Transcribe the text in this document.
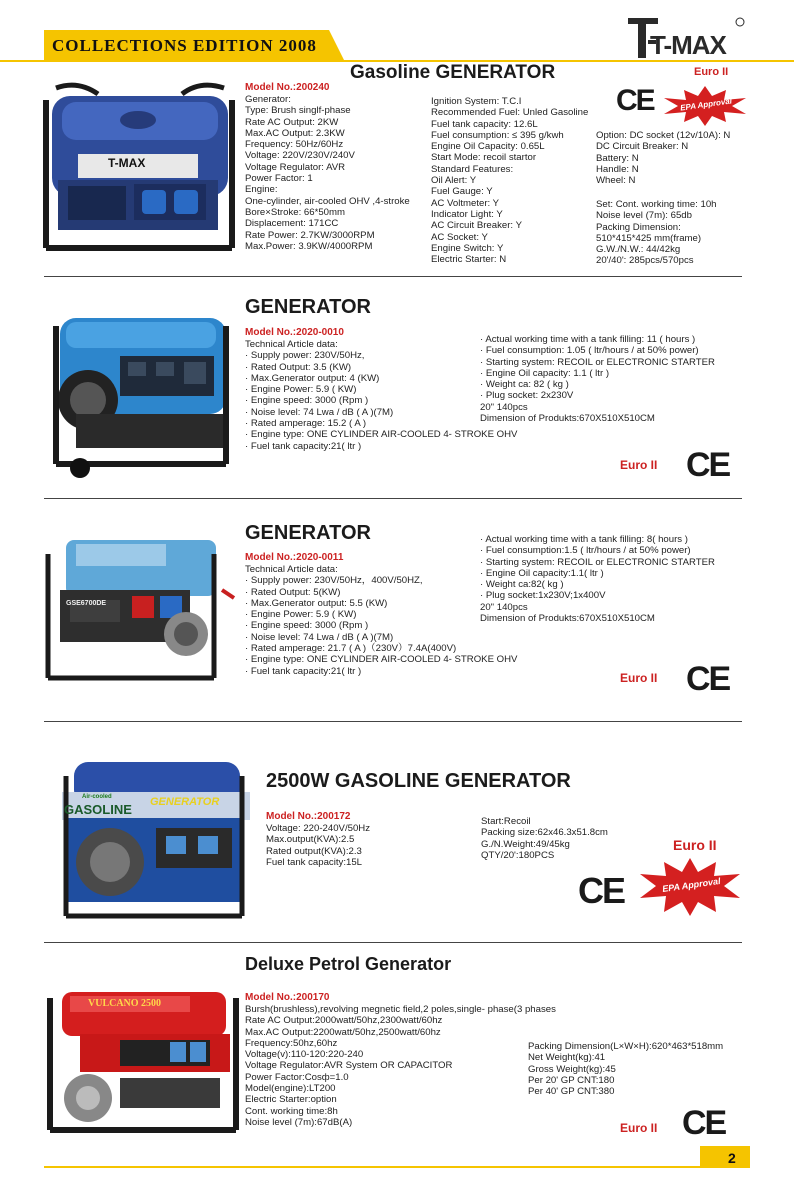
COLLECTIONS EDITION 2008	T-MAX
Euro II
T-MAX
Gasoline GENERATOR
Model No.:200240
Generator:
Type: Brush singlf-phase
Rate AC Output: 2KW
Max.AC Output: 2.3KW
Frequency: 50Hz/60Hz
Voltage: 220V/230V/240V
Voltage Regulator: AVR
Power Factor: 1
Engine:
One-cylinder, air-cooled OHV ,4-stroke
Bore×Stroke: 66*50mm
Displacement: 171CC
Rate Power: 2.7KW/3000RPM
Max.Power: 3.9KW/4000RPM
Ignition System: T.C.I
Recommended Fuel: Unled Gasoline
Fuel tank capacity: 12.6L
Fuel consumption: ≤ 395 g/kwh
Engine Oil Capacity: 0.65L
Start Mode: recoil startor
Standard Features:
Oil Alert: Y
Fuel Gauge: Y
AC Voltmeter: Y
Indicator Light: Y
AC Circuit Breaker: Y
AC Socket: Y
Engine Switch: Y
Electric Starter: N
Option: DC socket (12v/10A): N
DC Circuit Breaker: N
Battery: N
Handle: N
Wheel: N
Set: Cont. working time: 10h
Noise level (7m): 65db
Packing Dimension:
510*415*425 mm(frame)
G.W./N.W.: 44/42kg
20'/40': 285pcs/570pcs
CE	EPA Approval
GENERATOR
Model No.:2020-0010
Technical Article data:
· Supply power: 230V/50Hz,
· Rated Output: 3.5 (KW)
· Max.Generator output: 4 (KW)
· Engine Power: 5.9 ( KW)
· Engine speed: 3000 (Rpm )
· Noise level: 74 Lwa / dB ( A )(7M)
· Rated amperage: 15.2 ( A )
· Engine type: ONE CYLINDER AIR-COOLED 4- STROKE OHV
· Fuel tank capacity:21( ltr )
· Actual working time with a tank filling: 11 ( hours )
· Fuel consumption: 1.05 ( ltr/hours / at 50% power)
· Starting system: RECOIL or ELECTRONIC STARTER
· Engine Oil capacity: 1.1 ( ltr )
· Weight ca: 82 ( kg )
· Plug socket: 2x230V
20" 140pcs
Dimension of Produkts:670X510X510CM
Euro II CE
GSE6700DE
GENERATOR
Model No.:2020-0011
Technical Article data:
· Supply power: 230V/50Hz，400V/50HZ,
· Rated Output: 5(KW)
· Max.Generator output: 5.5 (KW)
· Engine Power: 5.9 ( KW)
· Engine speed: 3000 (Rpm )
· Noise level: 74 Lwa / dB ( A )(7M)
· Rated amperage: 21.7 ( A )（230V）7.4A(400V)
· Engine type: ONE CYLINDER AIR-COOLED 4- STROKE OHV
· Fuel tank capacity:21( ltr )
· Actual working time with a tank filling: 8( hours )
· Fuel consumption:1.5 ( ltr/hours / at 50% power)
· Starting system: RECOIL or ELECTRONIC STARTER
· Engine Oil capacity:1.1( ltr )
· Weight ca:82( kg )
· Plug socket:1x230V;1x400V
20" 140pcs
Dimension of Produkts:670X510X510CM
Euro II CE
Air-cooled
GASOLINE GENERATOR
2500W GASOLINE GENERATOR
Model No.:200172
Voltage: 220-240V/50Hz
Max.output(KVA):2.5
Rated output(KVA):2.3
Fuel tank capacity:15L
Start:Recoil
Packing size:62x46.3x51.8cm
G./N.Weight:49/45kg
QTY/20':180PCS
Euro II
CE	EPA Approval
VULCANO 2500
Deluxe Petrol Generator
Model No.:200170
Bursh(brushless),revolving megnetic field,2 poles,single- phase(3 phases
Rate AC Output:2000watt/50hz,2300watt/60hz
Max.AC Output:2200watt/50hz,2500watt/60hz
Frequency:50hz,60hz
Voltage(v):110-120:220-240
Voltage Regulator:AVR System OR CAPACITOR
Power Factor:Cosф=1.0
Model(engine):LT200
Electric Starter:option
Cont. working time:8h
Noise level (7m):67dB(A)
Packing Dimension(L×W×H):620*463*518mm
Net Weight(kg):41
Gross Weight(kg):45
Per 20' GP CNT:180
Per 40' GP CNT:380
Euro II CE
2
